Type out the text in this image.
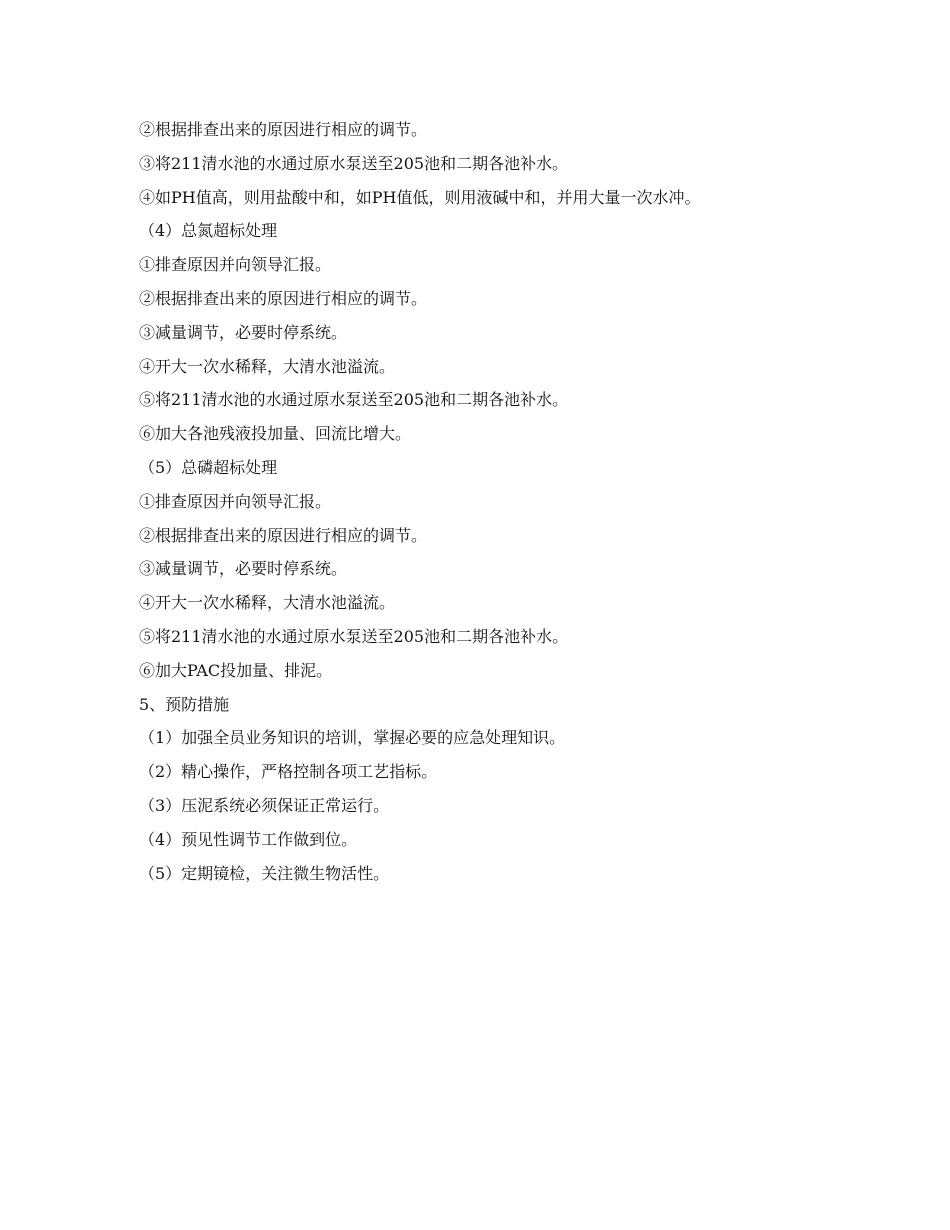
②根据排查出来的原因进行相应的调节。
③将211清水池的水通过原水泵送至205池和二期各池补水。
④如PH值高，则用盐酸中和，如PH值低，则用液碱中和，并用大量一次水冲。
（4）总氮超标处理
①排查原因并向领导汇报。
②根据排查出来的原因进行相应的调节。
③减量调节，必要时停系统。
④开大一次水稀释，大清水池溢流。
⑤将211清水池的水通过原水泵送至205池和二期各池补水。
⑥加大各池残液投加量、回流比增大。
（5）总磷超标处理
①排查原因并向领导汇报。
②根据排查出来的原因进行相应的调节。
③减量调节，必要时停系统。
④开大一次水稀释，大清水池溢流。
⑤将211清水池的水通过原水泵送至205池和二期各池补水。
⑥加大PAC投加量、排泥。
5、预防措施
（1）加强全员业务知识的培训，掌握必要的应急处理知识。
（2）精心操作，严格控制各项工艺指标。
（3）压泥系统必须保证正常运行。
（4）预见性调节工作做到位。
（5）定期镜检，关注微生物活性。
